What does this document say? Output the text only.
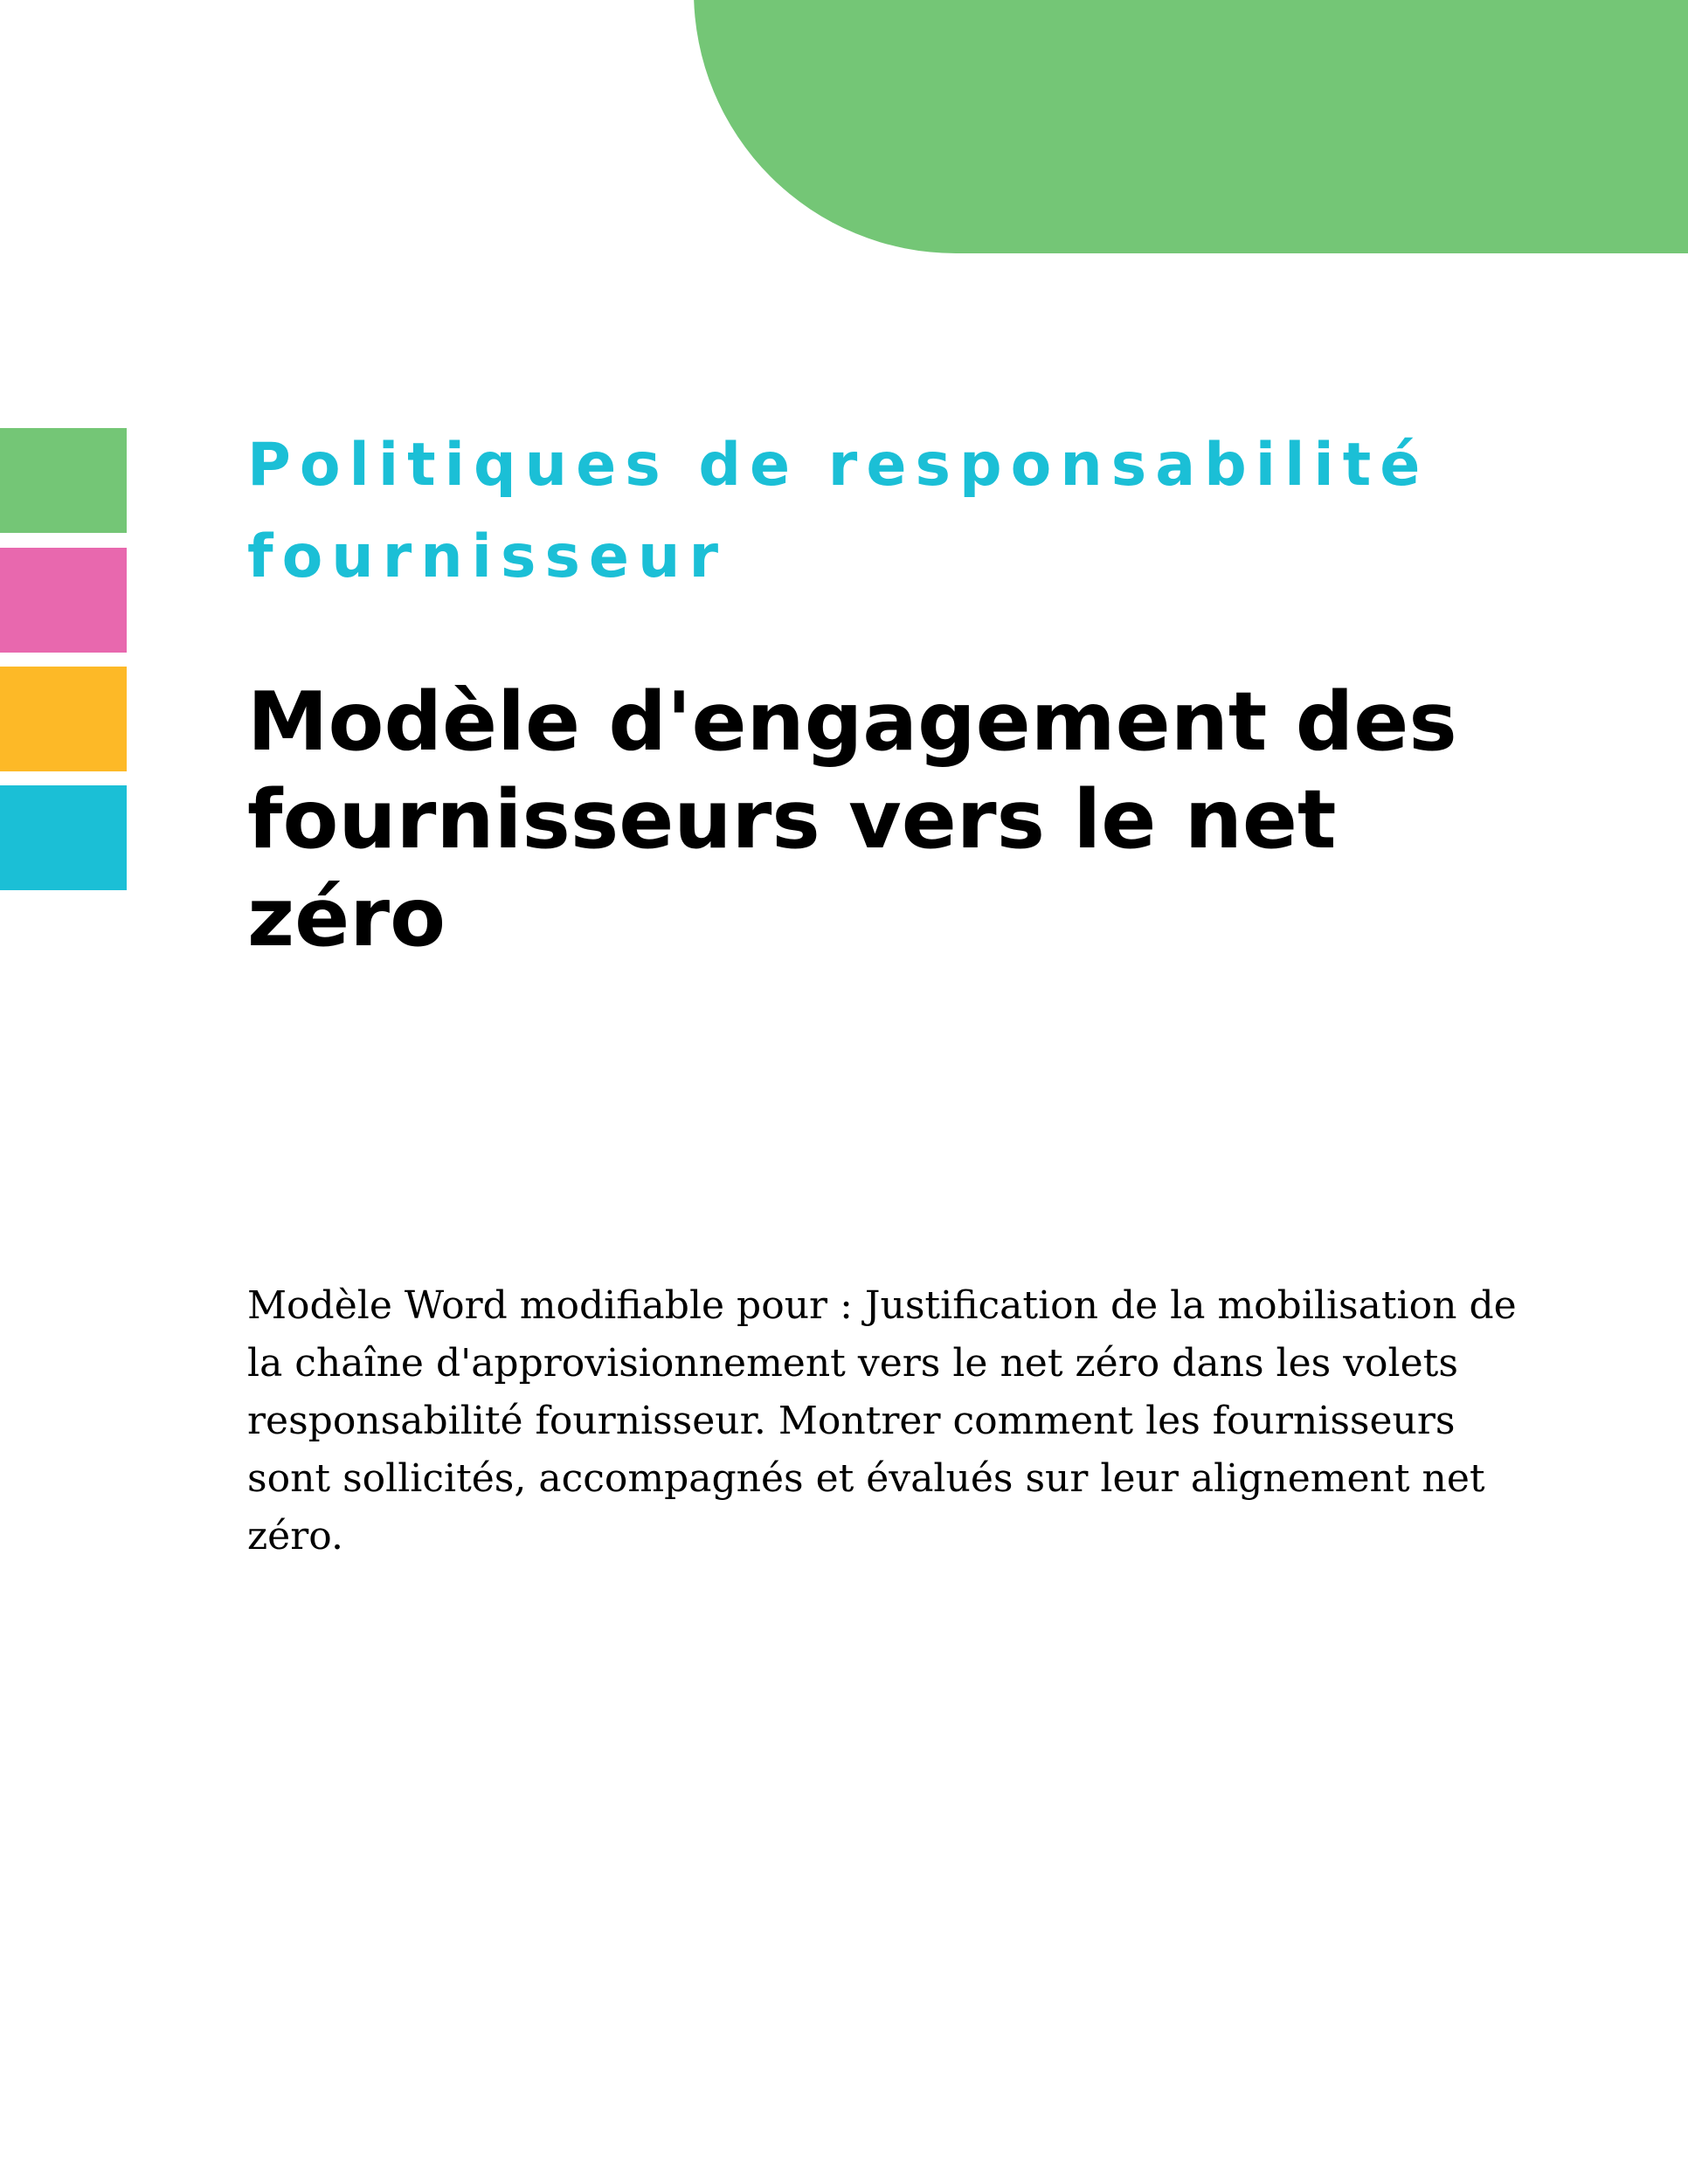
Politiques de responsabilité fournisseur
Modèle d'engagement des fournisseurs vers le net zéro

Modèle Word modifiable pour : Justification de la mobilisation de la chaîne d'approvisionnement vers le net zéro dans les volets responsabilité fournisseur. Montrer comment les fournisseurs sont sollicités, accompagnés et évalués sur leur alignement net zéro.
